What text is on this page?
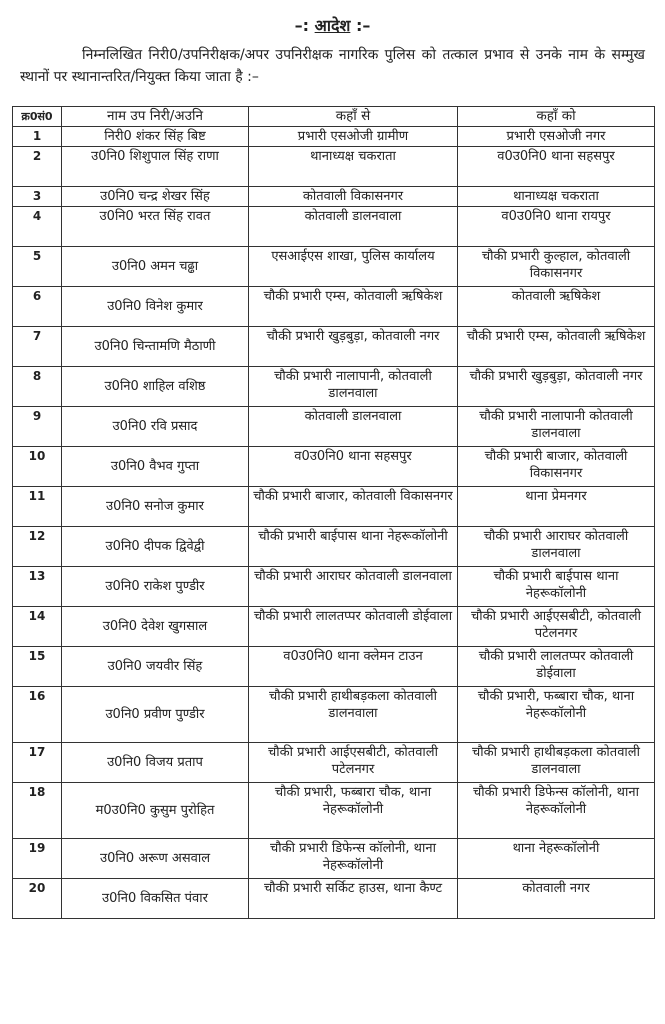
–: आदेश :–
निम्नलिखित निरी0/उपनिरीक्षक/अपर उपनिरीक्षक नागरिक पुलिस को तत्काल प्रभाव से उनके नाम के सम्मुख स्थानों पर स्थानान्तरित/नियुक्त किया जाता है :–
क्र0सं0	नाम उप निरी/अउनि	कहाँ से	कहाँ को
1	निरी0 शंकर सिंह बिष्ट	प्रभारी एसओजी ग्रामीण	प्रभारी एसओजी नगर
2	उ0नि0 शिशुपाल सिंह राणा	थानाध्यक्ष चकराता	व0उ0नि0 थाना सहसपुर
3	उ0नि0 चन्द्र शेखर सिंह	कोतवाली विकासनगर	थानाध्यक्ष चकराता
4	उ0नि0 भरत सिंह रावत	कोतवाली डालनवाला	व0उ0नि0 थाना रायपुर
5	उ0नि0 अमन चढ्ढा	एसआईएस शाखा, पुलिस कार्यालय	चौकी प्रभारी कुल्हाल, कोतवाली विकासनगर
6	उ0नि0 विनेश कुमार	चौकी प्रभारी एम्स, कोतवाली ऋषिकेश	कोतवाली ऋषिकेश
7	उ0नि0 चिन्तामणि मैठाणी	चौकी प्रभारी खुड़बुड़ा, कोतवाली नगर	चौकी प्रभारी एम्स, कोतवाली ऋषिकेश
8	उ0नि0 शाहिल वशिष्ठ	चौकी प्रभारी नालापानी, कोतवाली डालनवाला	चौकी प्रभारी खुड़बुड़ा, कोतवाली नगर
9	उ0नि0 रवि प्रसाद	कोतवाली डालनवाला	चौकी प्रभारी नालापानी कोतवाली डालनवाला
10	उ0नि0 वैभव गुप्ता	व0उ0नि0 थाना सहसपुर	चौकी प्रभारी बाजार, कोतवाली विकासनगर
11	उ0नि0 सनोज कुमार	चौकी प्रभारी बाजार, कोतवाली विकासनगर	थाना प्रेमनगर
12	उ0नि0 दीपक द्विवेद्वी	चौकी प्रभारी बाईपास थाना नेहरूकॉलोनी	चौकी प्रभारी आराघर कोतवाली डालनवाला
13	उ0नि0 राकेश पुण्डीर	चौकी प्रभारी आराघर कोतवाली डालनवाला	चौकी प्रभारी बाईपास थाना नेहरूकॉलोनी
14	उ0नि0 देवेश खुगसाल	चौकी प्रभारी लालतप्पर कोतवाली डोईवाला	चौकी प्रभारी आईएसबीटी, कोतवाली पटेलनगर
15	उ0नि0 जयवीर सिंह	व0उ0नि0 थाना क्लेमन टाउन	चौकी प्रभारी लालतप्पर कोतवाली डोईवाला
16	उ0नि0 प्रवीण पुण्डीर	चौकी प्रभारी हाथीबड़कला कोतवाली डालनवाला	चौकी प्रभारी, फब्बारा चौक, थाना नेहरूकॉलोनी
17	उ0नि0 विजय प्रताप	चौकी प्रभारी आईएसबीटी, कोतवाली पटेलनगर	चौकी प्रभारी हाथीबड़कला कोतवाली डालनवाला
18	म0उ0नि0 कुसुम पुरोहित	चौकी प्रभारी, फब्बारा चौक, थाना नेहरूकॉलोनी	चौकी प्रभारी डिफेन्स कॉलोनी, थाना नेहरूकॉलोनी
19	उ0नि0 अरूण असवाल	चौकी प्रभारी डिफेन्स कॉलोनी, थाना नेहरूकॉलोनी	थाना नेहरूकॉलोनी
20	उ0नि0 विकसित पंवार	चौकी प्रभारी सर्किट हाउस, थाना कैण्ट	कोतवाली नगर
